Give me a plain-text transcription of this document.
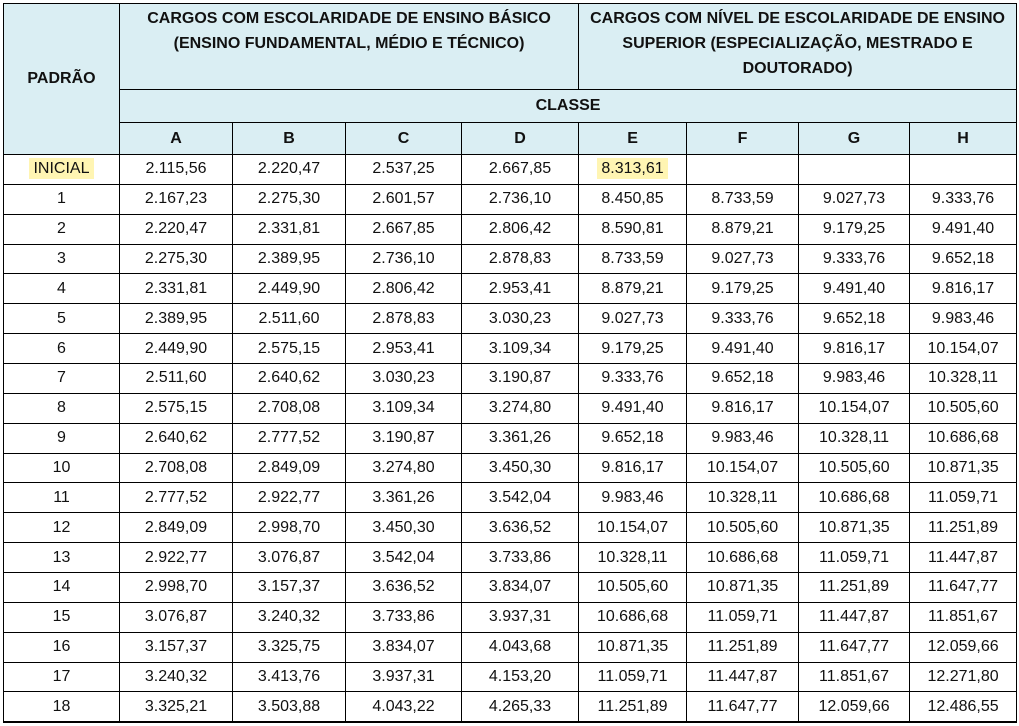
PADRÃO	CARGOS COM ESCOLARIDADE DE ENSINO BÁSICO (ENSINO FUNDAMENTAL, MÉDIO E TÉCNICO)				CARGOS COM NÍVEL DE ESCOLARIDADE DE ENSINO SUPERIOR (ESPECIALIZAÇÃO, MESTRADO E DOUTORADO)			
	CLASSE							
	A	B	C	D	E	F	G	H
INICIAL	2.115,56	2.220,47	2.537,25	2.667,85	8.313,61			
1	2.167,23	2.275,30	2.601,57	2.736,10	8.450,85	8.733,59	9.027,73	9.333,76
2	2.220,47	2.331,81	2.667,85	2.806,42	8.590,81	8.879,21	9.179,25	9.491,40
3	2.275,30	2.389,95	2.736,10	2.878,83	8.733,59	9.027,73	9.333,76	9.652,18
4	2.331,81	2.449,90	2.806,42	2.953,41	8.879,21	9.179,25	9.491,40	9.816,17
5	2.389,95	2.511,60	2.878,83	3.030,23	9.027,73	9.333,76	9.652,18	9.983,46
6	2.449,90	2.575,15	2.953,41	3.109,34	9.179,25	9.491,40	9.816,17	10.154,07
7	2.511,60	2.640,62	3.030,23	3.190,87	9.333,76	9.652,18	9.983,46	10.328,11
8	2.575,15	2.708,08	3.109,34	3.274,80	9.491,40	9.816,17	10.154,07	10.505,60
9	2.640,62	2.777,52	3.190,87	3.361,26	9.652,18	9.983,46	10.328,11	10.686,68
10	2.708,08	2.849,09	3.274,80	3.450,30	9.816,17	10.154,07	10.505,60	10.871,35
11	2.777,52	2.922,77	3.361,26	3.542,04	9.983,46	10.328,11	10.686,68	11.059,71
12	2.849,09	2.998,70	3.450,30	3.636,52	10.154,07	10.505,60	10.871,35	11.251,89
13	2.922,77	3.076,87	3.542,04	3.733,86	10.328,11	10.686,68	11.059,71	11.447,87
14	2.998,70	3.157,37	3.636,52	3.834,07	10.505,60	10.871,35	11.251,89	11.647,77
15	3.076,87	3.240,32	3.733,86	3.937,31	10.686,68	11.059,71	11.447,87	11.851,67
16	3.157,37	3.325,75	3.834,07	4.043,68	10.871,35	11.251,89	11.647,77	12.059,66
17	3.240,32	3.413,76	3.937,31	4.153,20	11.059,71	11.447,87	11.851,67	12.271,80
18	3.325,21	3.503,88	4.043,22	4.265,33	11.251,89	11.647,77	12.059,66	12.486,55
